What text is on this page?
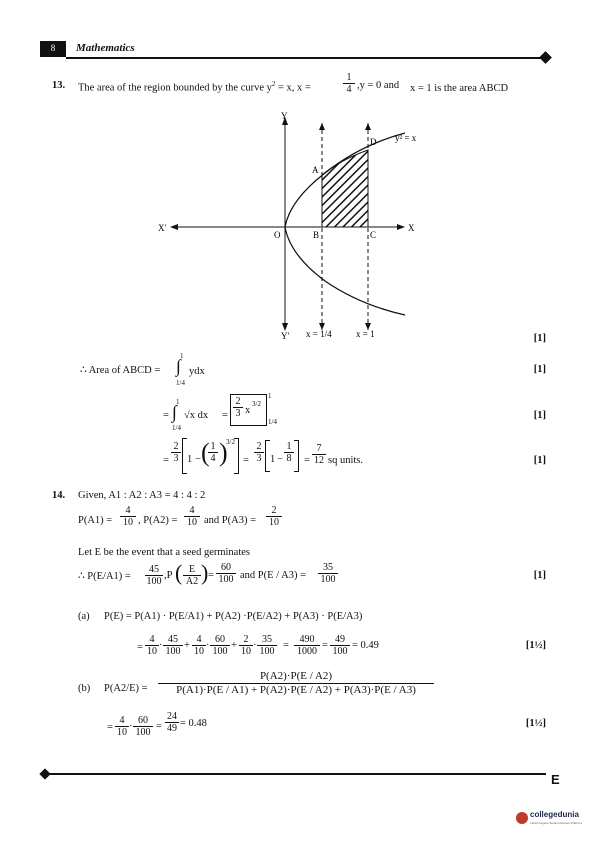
8	Mathematics
13. The area of the region bounded by the curve $y^2 = x$, x =	$\frac{1}{4} ,y = 0$ and x = 1 is the area ABCD
Y
Y'
X
X'
O
A
B	C
D y² = x
x = 1/4	x = 1	[1]
∴ Area of ABCD =
1
∫
1/4
ydx	[1]
=
1
∫
1/4
√x dx = $\frac{2}{3}$ x
3/2
1
1/4
[1]
= $\frac{2}{3} 1$ − (
$\frac{1}{4}$ )
3/2
= $\frac{2}{3} 1 - \frac{1}{8} = \frac{7}{12}$ sq units.	[1]
14. Given, A1 : A2 : A3 = 4 : 4 : 2
$P(A1) = \frac{4}{10}$ , $P(A2) = \frac{4}{10}$ and $P(A3) = \frac{2}{10}$
Let E be the event that a seed germinates
∴ $P(E/A1) = \frac{45}{100} ,P$ ( $\frac{E}{A2}$ ) = $\frac{60}{100}$ and $P(E / A3) = \frac{35}{100}$	[1]
(a) P(E) = P(A1) · P(E/A1) + P(A2) ·P(E/A2) + P(A3) · P(E/A3)
= $\frac{4}{10} \cdot \frac{45}{100} + \frac{4}{10} \cdot \frac{60}{100} + \frac{2}{10} \cdot \frac{35}{100} = \frac{490}{1000} = \frac{49}{100} = 0.49$	[1½]
(b) $P(A2/E) = \frac{P(A2)\cdot P(E / A2)}{P(A1)\cdot P(E / A1) + P(A2)\cdot P(E / A2) + P(A3)\cdot P(E / A3)}$
= $\frac{4}{10} \cdot \frac{60}{100} = \frac{24}{49} = 0.48$	[1½]
E
collegedunia
India's largest Student Review Platform
